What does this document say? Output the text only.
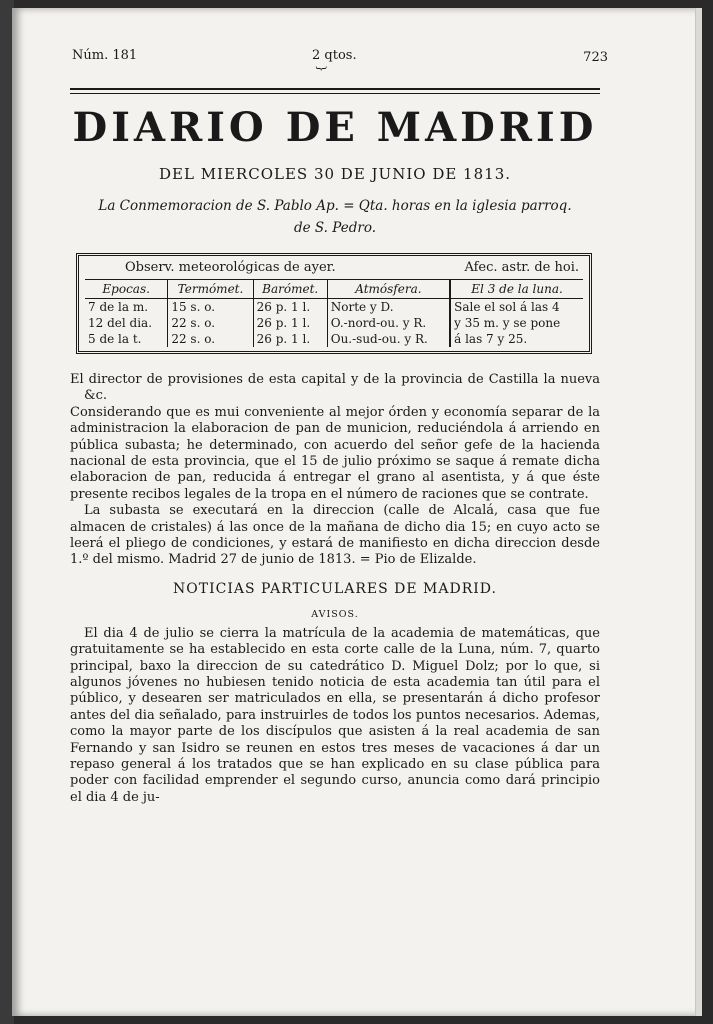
Núm. 181	2 qtos.
}
723
DIARIO DE MADRID
DEL MIERCOLES 30 DE JUNIO DE 1813.
La Conmemoracion de S. Pablo Ap. = Qta. horas en la iglesia parroq.
de S. Pedro.
Observ. meteorológicas de ayer.	Afec. astr. de hoi.
Epocas.	Termómet.	Barómet.	Atmósfera.	El 3 de la luna.
7 de la m.	15 s. o.	26 p. 1 l.	Norte y D.	Sale el sol á las 4
12 del dia.	22 s. o.	26 p. 1 l.	O.-nord-ou. y R.	y 35 m. y se pone
5 de la t.	22 s. o.	26 p. 1 l.	Ou.-sud-ou. y R.	á las 7 y 25.

El director de provisiones de esta capital y de la provincia de Castilla la nueva &c.

Considerando que es mui conveniente al mejor órden y economía separar de la administracion la elaboracion de pan de municion, reduciéndola á arriendo en pública subasta; he determinado, con acuerdo del señor gefe de la hacienda nacional de esta provincia, que el 15 de julio próximo se saque á remate dicha elaboracion de pan, reducida á entregar el grano al asentista, y á que éste presente recibos legales de la tropa en el número de raciones que se contrate.

La subasta se executará en la direccion (calle de Alcalá, casa que fue almacen de cristales) á las once de la mañana de dicho dia 15; en cuyo acto se leerá el pliego de condiciones, y estará de manifiesto en dicha direccion desde 1.º del mismo. Madrid 27 de junio de 1813. = Pio de Elizalde.

NOTICIAS PARTICULARES DE MADRID.
AVISOS.

El dia 4 de julio se cierra la matrícula de la academia de matemáticas, que gratuitamente se ha establecido en esta corte calle de la Luna, núm. 7, quarto principal, baxo la direccion de su catedrático D. Miguel Dolz; por lo que, si algunos jóvenes no hubiesen tenido noticia de esta academia tan útil para el público, y desearen ser matriculados en ella, se presentarán á dicho profesor antes del dia señalado, para instruirles de todos los puntos necesarios. Ademas, como la mayor parte de los discípulos que asisten á la real academia de san Fernando y san Isidro se reunen en estos tres meses de vacaciones á dar un repaso general á los tratados que se han explicado en su clase pública para poder con facilidad emprender el segundo curso, anuncia como dará principio el dia 4 de ju-
